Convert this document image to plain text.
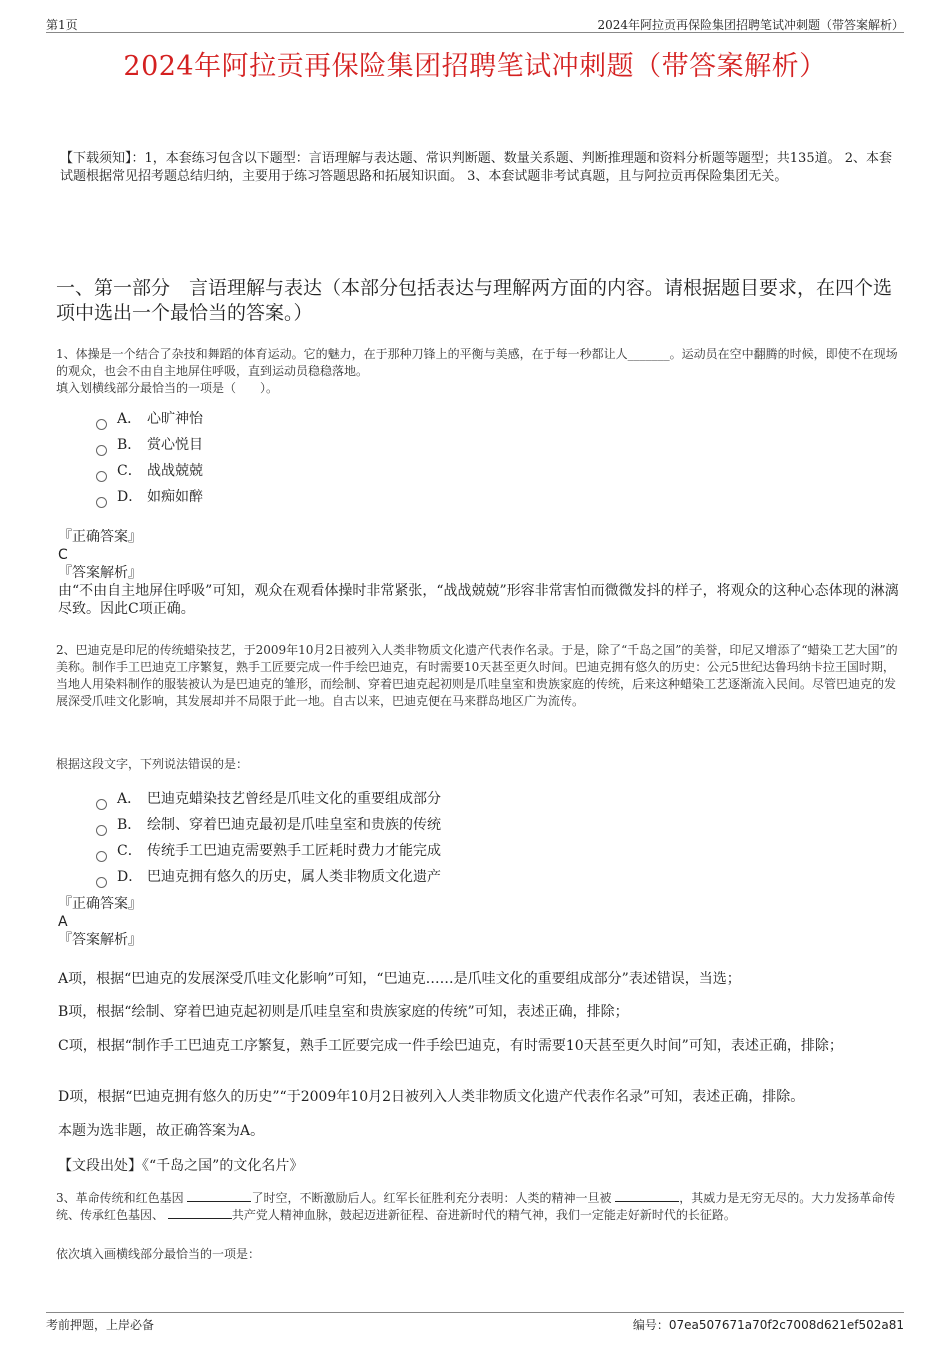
第1页	2024年阿拉贡再保险集团招聘笔试冲刺题（带答案解析）
2024年阿拉贡再保险集团招聘笔试冲刺题（带答案解析）
【下载须知】：1，本套练习包含以下题型：言语理解与表达题、常识判断题、数量关系题、判断推理题和资料分析题等题型；共135道。 2、本套试题根据常见招考题总结归纳，主要用于练习答题思路和拓展知识面。 3、本套试题非考试真题，且与阿拉贡再保险集团无关。
一、第一部分　言语理解与表达（本部分包括表达与理解两方面的内容。请根据题目要求，在四个选项中选出一个最恰当的答案。）
1、体操是一个结合了杂技和舞蹈的体育运动。它的魅力，在于那种刀锋上的平衡与美感，在于每一秒都让人_______。运动员在空中翻腾的时候，即使不在现场的观众，也会不由自主地屏住呼吸，直到运动员稳稳落地。
填入划横线部分最恰当的一项是（　　）。
A． 心旷神怡
B． 赏心悦目
C． 战战兢兢
D． 如痴如醉
『正确答案』
C
『答案解析』
由“不由自主地屏住呼吸”可知，观众在观看体操时非常紧张，“战战兢兢”形容非常害怕而微微发抖的样子，将观众的这种心态体现的淋漓尽致。因此C项正确。
2、巴迪克是印尼的传统蜡染技艺，于2009年10月2日被列入人类非物质文化遗产代表作名录。于是，除了“千岛之国”的美誉，印尼又增添了“蜡染工艺大国”的美称。制作手工巴迪克工序繁复，熟手工匠要完成一件手绘巴迪克，有时需要10天甚至更久时间。巴迪克拥有悠久的历史：公元5世纪达鲁玛纳卡拉王国时期，当地人用染料制作的服装被认为是巴迪克的雏形，而绘制、穿着巴迪克起初则是爪哇皇室和贵族家庭的传统，后来这种蜡染工艺逐渐流入民间。尽管巴迪克的发展深受爪哇文化影响，其发展却并不局限于此一地。自古以来，巴迪克便在马来群岛地区广为流传。
根据这段文字，下列说法错误的是：
A． 巴迪克蜡染技艺曾经是爪哇文化的重要组成部分
B． 绘制、穿着巴迪克最初是爪哇皇室和贵族的传统
C． 传统手工巴迪克需要熟手工匠耗时费力才能完成
D． 巴迪克拥有悠久的历史，属人类非物质文化遗产
『正确答案』
A
『答案解析』
A项，根据“巴迪克的发展深受爪哇文化影响”可知，“巴迪克……是爪哇文化的重要组成部分”表述错误，当选；
B项，根据“绘制、穿着巴迪克起初则是爪哇皇室和贵族家庭的传统”可知，表述正确，排除；
C项，根据“制作手工巴迪克工序繁复，熟手工匠要完成一件手绘巴迪克，有时需要10天甚至更久时间”可知，表述正确，排除；
D项，根据“巴迪克拥有悠久的历史”“于2009年10月2日被列入人类非物质文化遗产代表作名录”可知，表述正确，排除。
本题为选非题，故正确答案为A。
【文段出处】《“千岛之国”的文化名片》
3、革命传统和红色基因	了时空，不断激励后人。红军长征胜利充分表明：人类的精神一旦被	，其威力是无穷无尽的。大力发扬革命传统、传承红色基因、	共产党人精神血脉，鼓起迈进新征程、奋进新时代的精气神，我们一定能走好新时代的长征路。
依次填入画横线部分最恰当的一项是：
考前押题，上岸必备	编号：07ea507671a70f2c7008d621ef502a81
